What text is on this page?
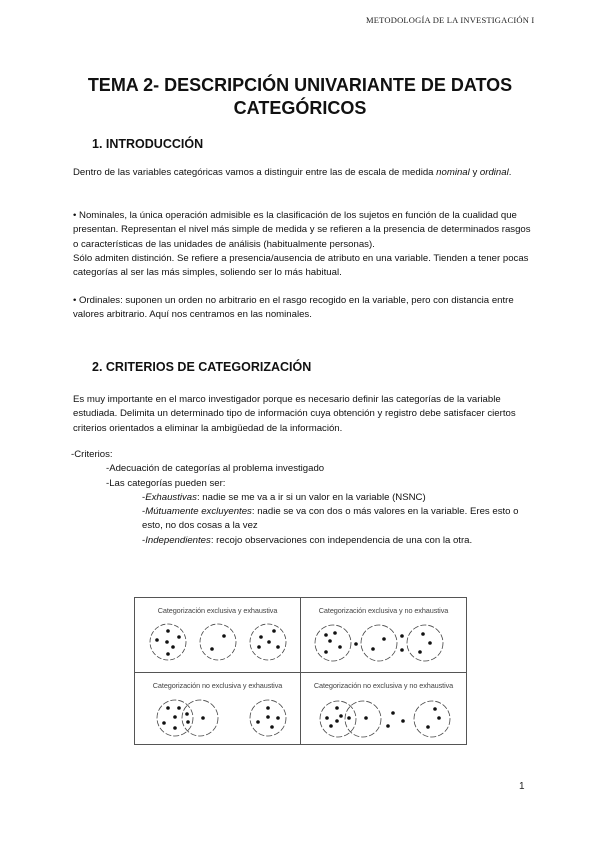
METODOLOGÍA DE LA INVESTIGACIÓN I
TEMA 2- DESCRIPCIÓN UNIVARIANTE DE DATOS
CATEGÓRICOS
1. INTRODUCCIÓN
Dentro de las variables categóricas vamos a distinguir entre las de escala de medida nominal y ordinal.
• Nominales, la única operación admisible es la clasificación de los sujetos en función de la cualidad que presentan. Representan el nivel más simple de medida y se refieren a la presencia de determinados rasgos o características de las unidades de análisis (habitualmente personas).
Sólo admiten distinción. Se refiere a presencia/ausencia de atributo en una variable. Tienden a tener pocas categorías al ser las más simples, soliendo ser lo más habitual.
• Ordinales: suponen un orden no arbitrario en el rasgo recogido en la variable, pero con distancia entre valores arbitrario. Aquí nos centramos en las nominales.
2. CRITERIOS DE CATEGORIZACIÓN
Es muy importante en el marco investigador porque es necesario definir las categorías de la variable estudiada. Delimita un determinado tipo de información cuya obtención y registro debe satisfacer ciertos criterios orientados a eliminar la ambigüedad de la información.
-Criterios:
-Adecuación de categorías al problema investigado
-Las categorías pueden ser:
-Exhaustivas: nadie se me va a ir si un valor en la variable (NSNC)
-Mútuamente excluyentes: nadie se va con dos o más valores en la variable. Eres esto o esto, no dos cosas a la vez
-Independientes: recojo observaciones con independencia de una con la otra.
Categorización exclusiva y exhaustiva	Categorización exclusiva y no exhaustiva
Categorización no exclusiva y exhaustiva	Categorización no exclusiva y no exhaustiva
1
